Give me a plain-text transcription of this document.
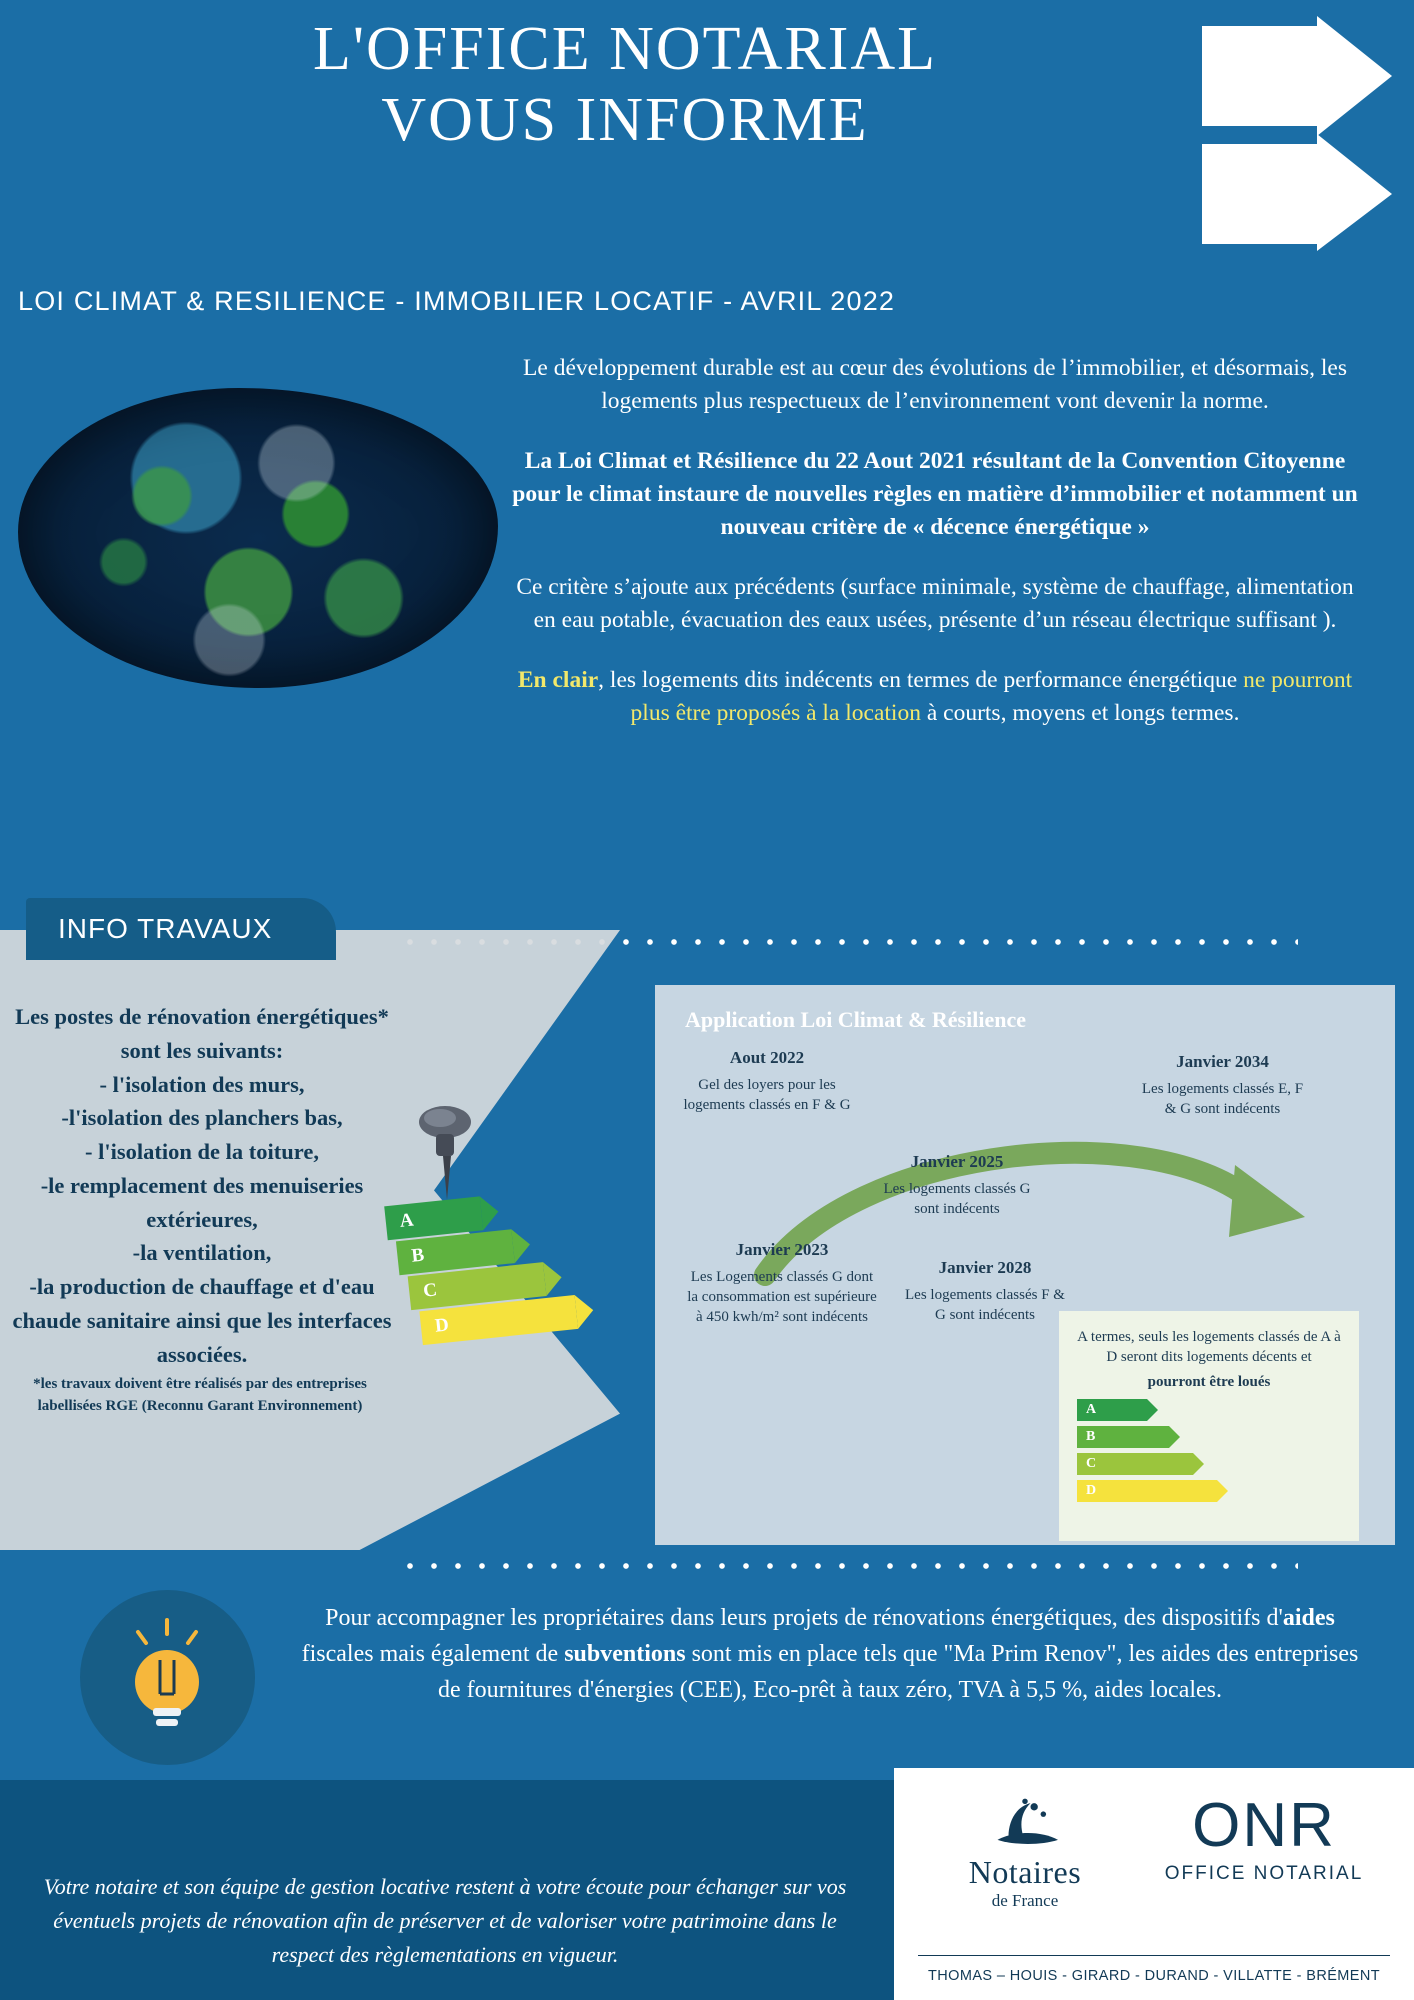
L'OFFICE NOTARIAL
VOUS INFORME
LOI CLIMAT & RESILIENCE - IMMOBILIER LOCATIF - AVRIL 2022

Le développement durable est au cœur des évolutions de l’immobilier, et désormais, les logements plus respectueux de l’environnement vont devenir la norme.

La Loi Climat et Résilience du 22 Aout 2021 résultant de la Convention Citoyenne pour le climat instaure de nouvelles règles en matière d’immobilier et notamment un nouveau critère de « décence énergétique »

Ce critère s’ajoute aux précédents (surface minimale, système de chauffage, alimentation en eau potable, évacuation des eaux usées, présente d’un réseau électrique suffisant ).

En clair, les logements dits indécents en termes de performance énergétique ne pourront plus être proposés à la location à courts, moyens et longs termes.

INFO TRAVAUX
Les postes de rénovation énergétiques* sont les suivants:
- l'isolation des murs,
-l'isolation des planchers bas,
- l'isolation de la toiture,
-le remplacement des menuiseries extérieures,
-la ventilation,
-la production de chauffage et d'eau chaude sanitaire ainsi que les interfaces associées.
*les travaux doivent être réalisés par des entreprises labellisées RGE (Reconnu Garant Environnement)
A
B
C
D
Application Loi Climat & Résilience
Aout 2022
Gel des loyers pour les logements classés en F & G
Janvier 2023
Les Logements classés G dont la consommation est supérieure à 450 kwh/m² sont indécents
Janvier 2025
Les logements classés G sont indécents
Janvier 2028
Les logements classés F & G sont indécents
Janvier 2034
Les logements classés E, F & G sont indécents
A termes, seuls les logements classés de A à D seront dits logements décents et
pourront être loués
A
B
C
D
Pour accompagner les propriétaires dans leurs projets de rénovations énergétiques, des dispositifs d'aides fiscales mais également de subventions sont mis en place tels que "Ma Prim Renov", les aides des entreprises de fournitures d'énergies (CEE), Eco-prêt à taux zéro, TVA à 5,5 %, aides locales.
Votre notaire et son équipe de gestion locative restent à votre écoute pour échanger sur vos éventuels projets de rénovation afin de préserver et de valoriser votre patrimoine dans le respect des règlementations en vigueur.
Notaires
de France
ONR
OFFICE NOTARIAL
THOMAS – HOUIS - GIRARD - DURAND - VILLATTE - BRÉMENT
